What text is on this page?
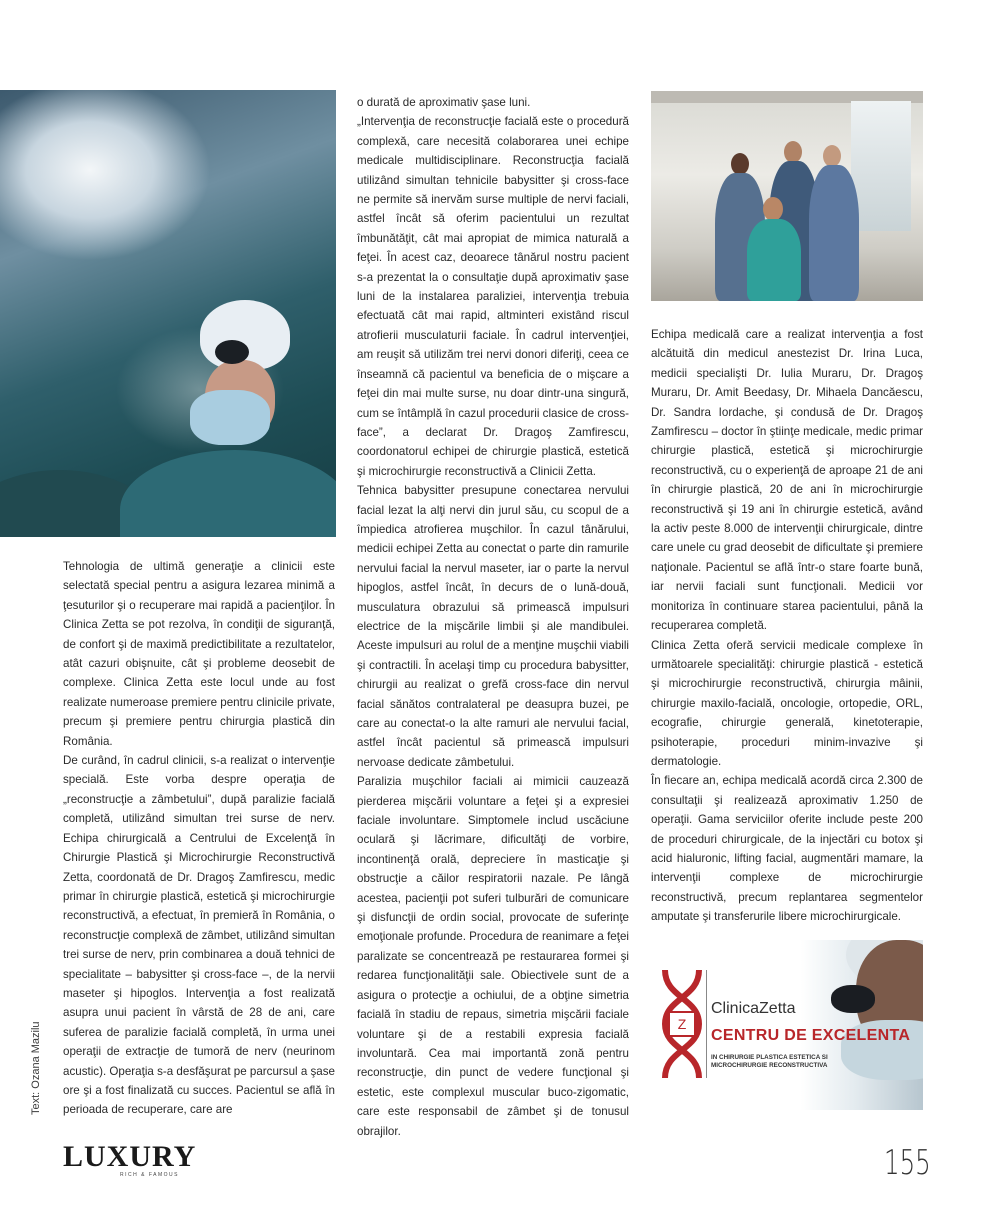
Text: Ozana Mazilu

Tehnologia de ultimă generaţie a clinicii este selectată special pentru a asigura lezarea minimă a ţesuturilor şi o recuperare mai rapidă a pacienţilor. În Clinica Zetta se pot rezolva, în condiţii de siguranţă, de confort şi de maximă predictibilitate a rezultatelor, atât cazuri obişnuite, cât şi probleme deosebit de complexe. Clinica Zetta este locul unde au fost realizate numeroase premiere pentru clinicile private, precum şi premiere pentru chirurgia plastică din România.

De curând, în cadrul clinicii, s-a realizat o intervenţie specială. Este vorba despre operaţia de „reconstrucţie a zâmbetului”, după paralizie facială completă, utilizând simultan trei surse de nerv. Echipa chirurgicală a Centrului de Excelenţă în Chirurgie Plastică şi Microchirurgie Reconstructivă Zetta, coordonată de Dr. Dragoş Zamfirescu, medic primar în chirurgie plastică, estetică şi microchirurgie reconstructivă, a efectuat, în premieră în România, o reconstrucţie complexă de zâmbet, utilizând simultan trei surse de nerv, prin combinarea a două tehnici de specialitate – babysitter şi cross-face –, de la nervii maseter şi hipoglos. Intervenţia a fost realizată asupra unui pacient în vârstă de 28 de ani, care suferea de paralizie facială completă, în urma unei operaţii de extracţie de tumoră de nerv (neurinom acustic). Operaţia s-a desfăşurat pe parcursul a şase ore şi a fost finalizată cu succes. Pacientul se află în perioada de recuperare, care are

o durată de aproximativ şase luni.

„Intervenţia de reconstrucţie facială este o procedură complexă, care necesită colaborarea unei echipe medicale multidisciplinare. Reconstrucţia facială utilizând simultan tehnicile babysitter şi cross-face ne permite să inervăm surse multiple de nervi faciali, astfel încât să oferim pacientului un rezultat îmbunătăţit, cât mai apropiat de mimica naturală a feţei. În acest caz, deoarece tânărul nostru pacient s-a prezentat la o consultaţie după aproximativ şase luni de la instalarea paraliziei, intervenţia trebuia efectuată cât mai rapid, altminteri existând riscul atrofierii musculaturii faciale. În cadrul intervenţiei, am reuşit să utilizăm trei nervi donori diferiţi, ceea ce înseamnă că pacientul va beneficia de o mişcare a feţei din mai multe surse, nu doar dintr-una singură, cum se întâmplă în cazul procedurii clasice de cross-face”, a declarat Dr. Dragoş Zamfirescu, coordonatorul echipei de chirurgie plastică, estetică şi microchirurgie reconstructivă a Clinicii Zetta.

Tehnica babysitter presupune conectarea nervului facial lezat la alţi nervi din jurul său, cu scopul de a împiedica atrofierea muşchilor. În cazul tânărului, medicii echipei Zetta au conectat o parte din ramurile nervului facial la nervul maseter, iar o parte la nervul hipoglos, astfel încât, în decurs de o lună-două, musculatura obrazului să primească impulsuri electrice de la mişcările limbii şi ale mandibulei. Aceste impulsuri au rolul de a menţine muşchii viabili şi contractili. În acelaşi timp cu procedura babysitter, chirurgii au realizat o grefă cross-face din nervul facial sănătos contralateral pe deasupra buzei, pe care au conectat-o la alte ramuri ale nervului facial, astfel încât pacientul să primească impulsuri nervoase dedicate zâmbetului.

Paralizia muşchilor faciali ai mimicii cauzează pierderea mişcării voluntare a feţei şi a expresiei faciale involuntare. Simptomele includ uscăciune oculară şi lăcrimare, dificultăţi de vorbire, incontinenţă orală, depreciere în masticaţie şi obstrucţie a căilor respiratorii nazale. Pe lângă acestea, pacienţii pot suferi tulburări de comunicare şi disfuncţii de ordin social, provocate de suferinţe emoţionale profunde. Procedura de reanimare a feţei paralizate se concentrează pe restaurarea formei şi redarea funcţionalităţii sale. Obiectivele sunt de a asigura o protecţie a ochiului, de a obţine simetria facială în stadiu de repaus, simetria mişcării faciale voluntare şi de a restabili expresia facială involuntară. Cea mai importantă zonă pentru reconstrucţie, din punct de vedere funcţional şi estetic, este complexul muscular buco-zigomatic, care este responsabil de zâmbet şi de tonusul obrajilor.

Echipa medicală care a realizat intervenţia a fost alcătuită din medicul anestezist Dr. Irina Luca, medicii specialişti Dr. Iulia Muraru, Dr. Dragoş Muraru, Dr. Amit Beedasy, Dr. Mihaela Dancăescu, Dr. Sandra Iordache, şi condusă de Dr. Dragoş Zamfirescu – doctor în ştiinţe medicale, medic primar chirurgie plastică, estetică şi microchirurgie reconstructivă, cu o experienţă de aproape 21 de ani în chirurgie plastică, 20 de ani în microchirurgie reconstructivă şi 19 ani în chirurgie estetică, având la activ peste 8.000 de intervenţii chirurgicale, dintre care unele cu grad deosebit de dificultate şi premiere naţionale. Pacientul se află într-o stare foarte bună, iar nervii faciali sunt funcţionali. Medicii vor monitoriza în continuare starea pacientului, până la recuperarea completă.

Clinica Zetta oferă servicii medicale complexe în următoarele specialităţi: chirurgie plastică - estetică şi microchirurgie reconstructivă, chirurgia mâinii, chirurgie maxilo-facială, oncologie, ortopedie, ORL, ecografie, chirurgie generală, kinetoterapie, psihoterapie, proceduri minim-invazive şi dermatologie.

În fiecare an, echipa medicală acordă circa 2.300 de consultaţii şi realizează aproximativ 1.250 de operaţii. Gama serviciilor oferite include peste 200 de proceduri chirurgicale, de la injectări cu botox şi acid hialuronic, lifting facial, augmentări mamare, la intervenţii complexe de microchirurgie reconstructivă, precum replantarea segmentelor amputate şi transferurile libere microchirurgicale.

Z
ClinicaZetta
CENTRU DE EXCELENTA
IN CHIRURGIE PLASTICA ESTETICA SI MICROCHIRURGIE RECONSTRUCTIVA
LUXURY
RICH & FAMOUS	155
